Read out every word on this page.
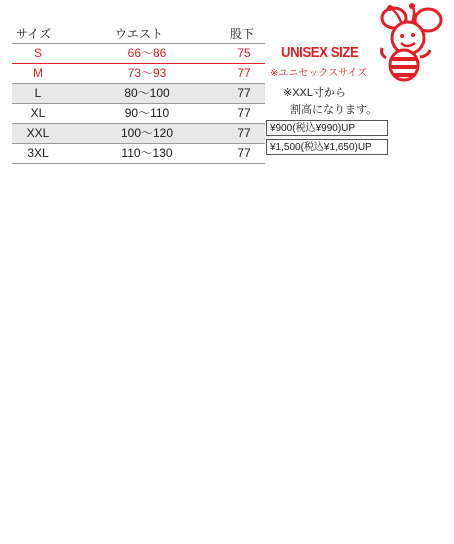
サイズ	ウエスト	股下
S	66〜86	75
M	73〜93	77
L	80〜100	77
XL	90〜110	77
XXL	100〜120	77
3XL	110〜130	77
UNISEX SIZE
※ユニセックスサイズ
※XXL寸から
割高になります。
¥900(税込¥990)UP
¥1,500(税込¥1,650)UP
